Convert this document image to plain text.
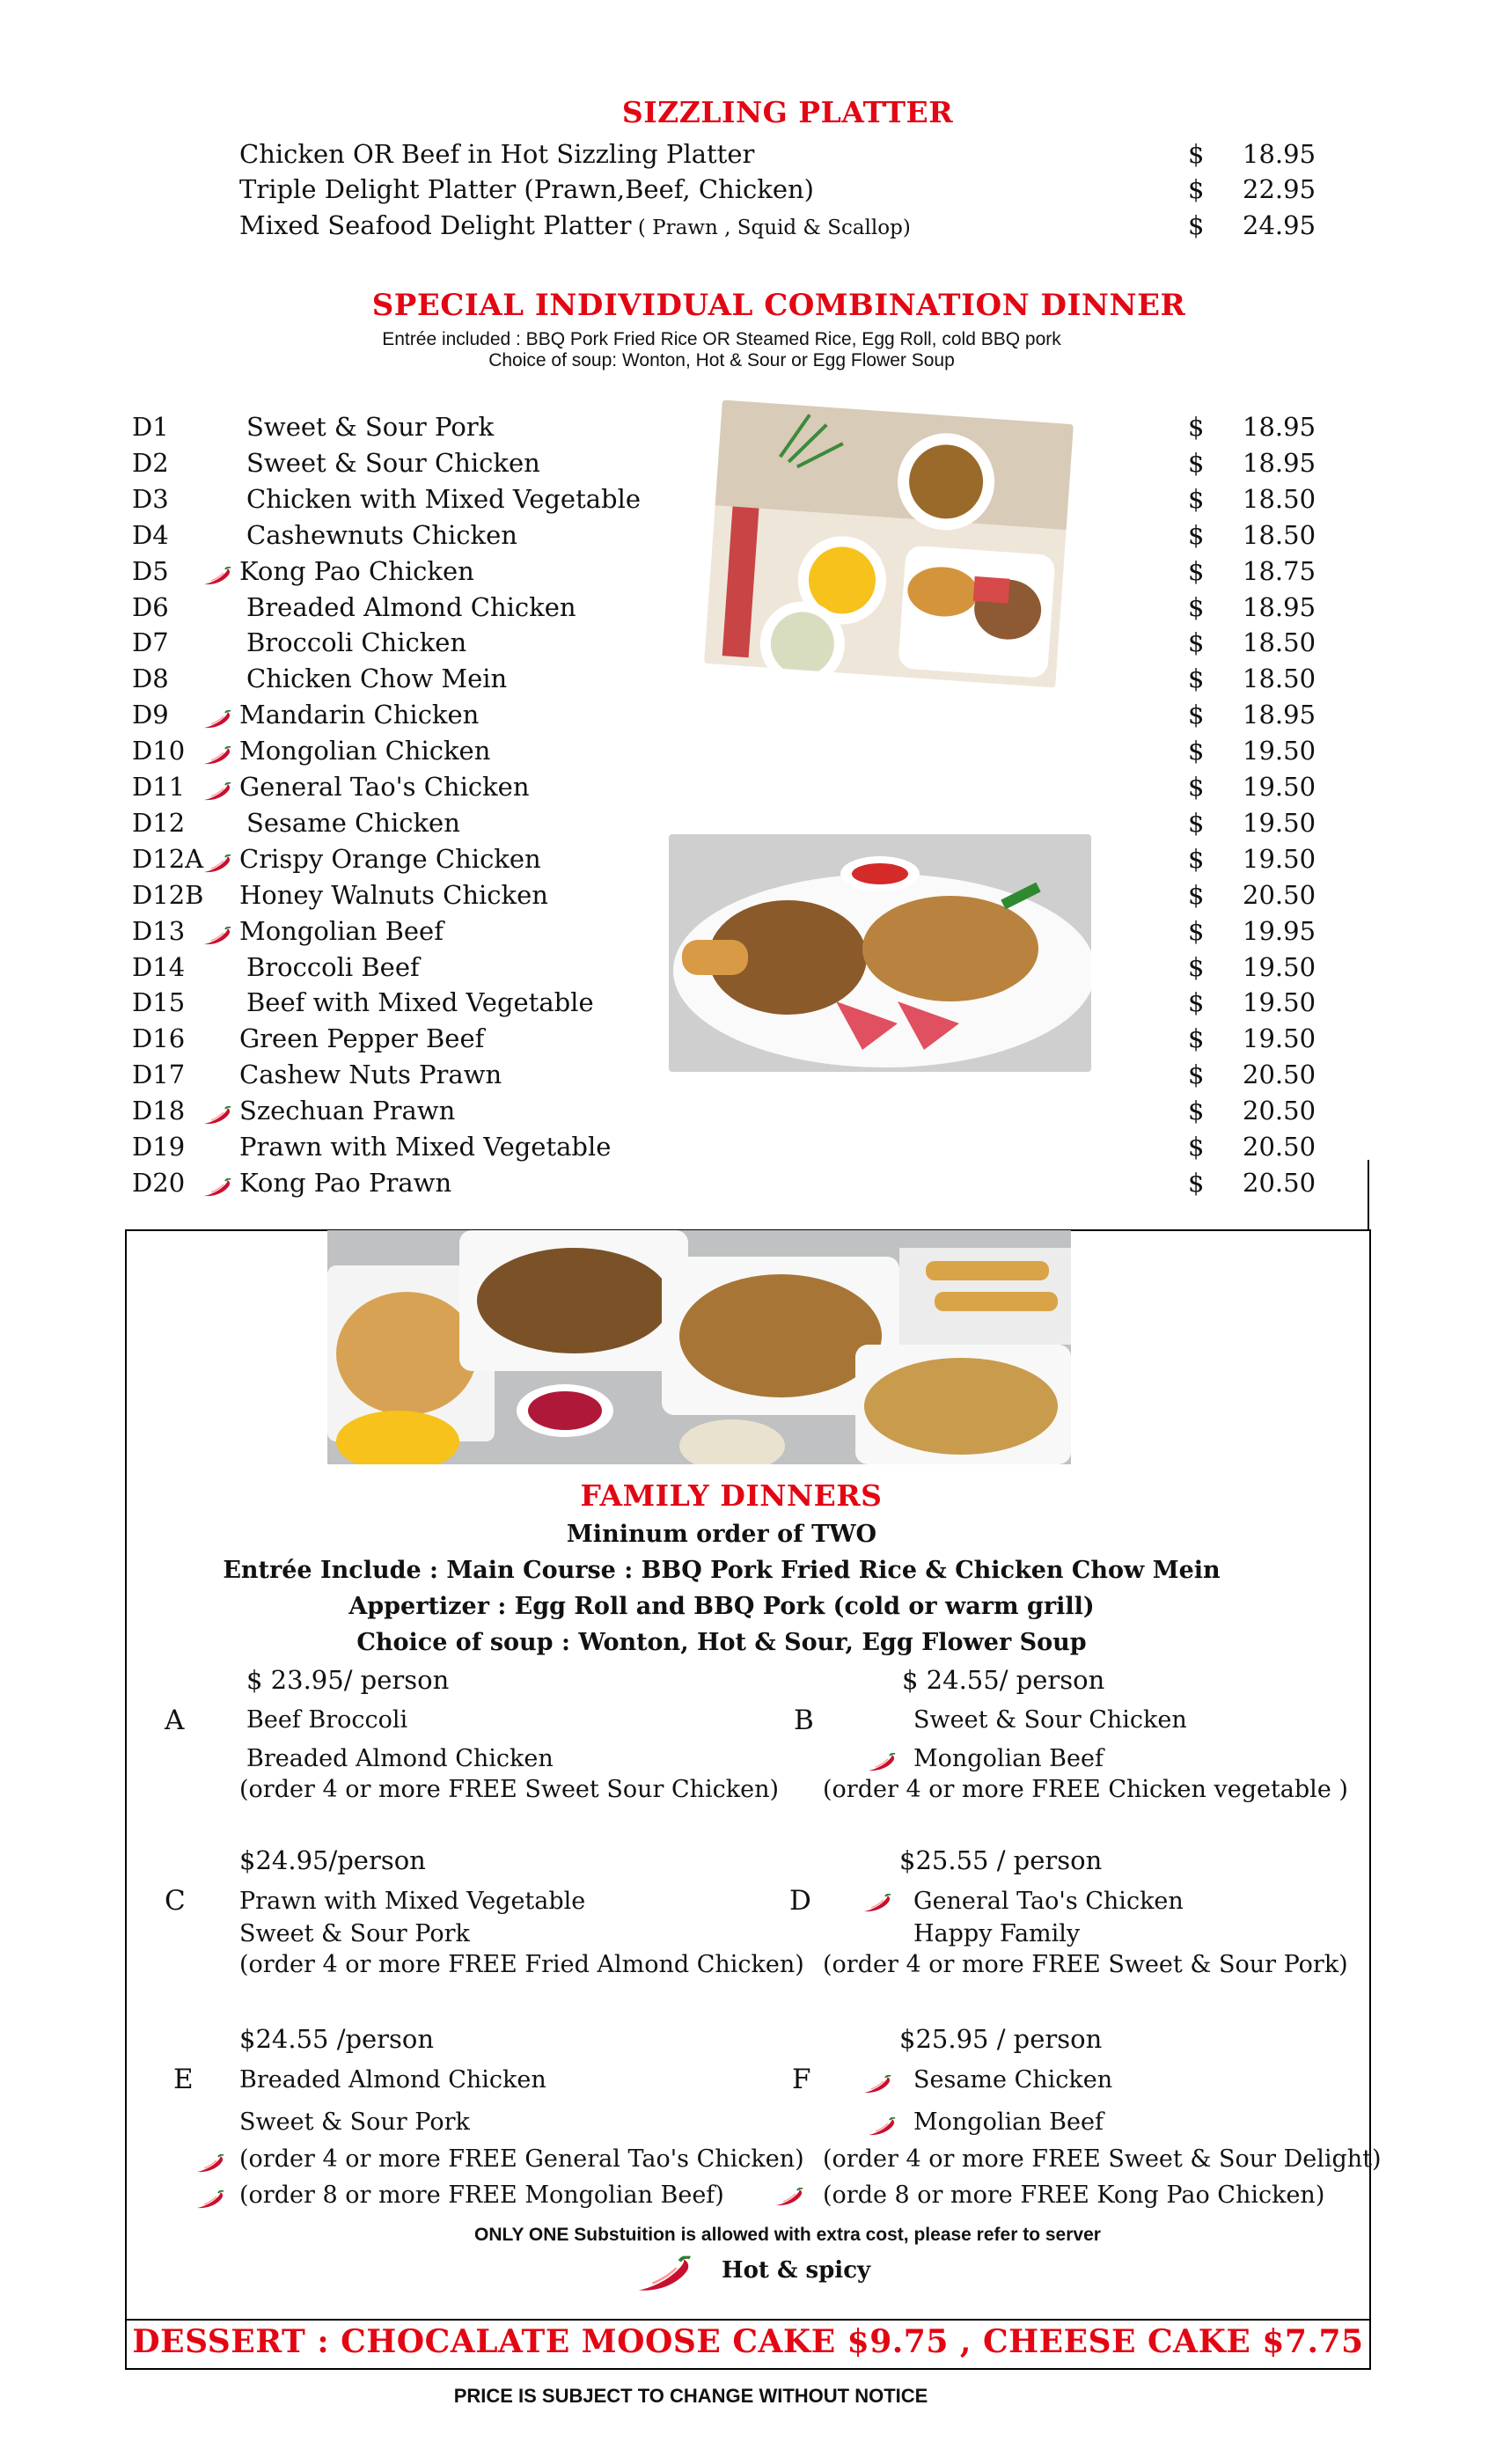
SIZZLING PLATTER
Chicken OR Beef in Hot Sizzling Platter	$ 18.95
Triple Delight Platter (Prawn,Beef, Chicken)	$ 22.95
Mixed Seafood Delight Platter ( Prawn , Squid & Scallop)	$ 24.95
SPECIAL INDIVIDUAL COMBINATION DINNER
Entrée included : BBQ Pork Fried Rice OR Steamed Rice, Egg Roll, cold BBQ pork
Choice of soup: Wonton, Hot & Sour or Egg Flower Soup
D1	Sweet & Sour Pork	$ 18.95
D2	Sweet & Sour Chicken	$ 18.95
D3	Chicken with Mixed Vegetable	$ 18.50
D4	Cashewnuts Chicken	$ 18.50
D5	Kong Pao Chicken	$ 18.75
D6	Breaded Almond Chicken	$ 18.95
D7	Broccoli Chicken	$ 18.50
D8	Chicken Chow Mein	$ 18.50
D9	Mandarin Chicken	$ 18.95
D10 Mongolian Chicken	$ 19.50
D11 General Tao's Chicken	$ 19.50
D12 Sesame Chicken	$ 19.50
D12A Crispy Orange Chicken	$ 19.50
D12B Honey Walnuts Chicken	$ 20.50
D13 Mongolian Beef	$ 19.95
D14 Broccoli Beef	$ 19.50
D15 Beef with Mixed Vegetable	$ 19.50
D16 Green Pepper Beef	$ 19.50
D17 Cashew Nuts Prawn	$ 20.50
D18 Szechuan Prawn	$ 20.50
D19 Prawn with Mixed Vegetable	$ 20.50
D20 Kong Pao Prawn	$ 20.50
FAMILY DINNERS
Mininum order of TWO
Entrée Include : Main Course : BBQ Pork Fried Rice & Chicken Chow Mein
Appertizer : Egg Roll and BBQ Pork (cold or warm grill)
Choice of soup : Wonton, Hot & Sour, Egg Flower Soup
$ 23.95/ person
A	Beef Broccoli
Breaded Almond Chicken
(order 4 or more FREE Sweet Sour Chicken)
$ 24.55/ person
B	Sweet & Sour Chicken
Mongolian Beef
(order 4 or more FREE Chicken vegetable )
$24.95/person
C Prawn with Mixed Vegetable
Sweet & Sour Pork
(order 4 or more FREE Fried Almond Chicken)
$25.55 / person
D	General Tao's Chicken
Happy Family
(order 4 or more FREE Sweet & Sour Pork)
$24.55 /person
E Breaded Almond Chicken
Sweet & Sour Pork
(order 4 or more FREE General Tao's Chicken)
(order 8 or more FREE Mongolian Beef)
$25.95 / person
F	Sesame Chicken
Mongolian Beef
(order 4 or more FREE Sweet & Sour Delight)
(orde 8 or more FREE Kong Pao Chicken)
ONLY ONE Substuition is allowed with extra cost, please refer to server
Hot & spicy
DESSERT : CHOCALATE MOOSE CAKE $9.75 , CHEESE CAKE $7.75
PRICE IS SUBJECT TO CHANGE WITHOUT NOTICE
